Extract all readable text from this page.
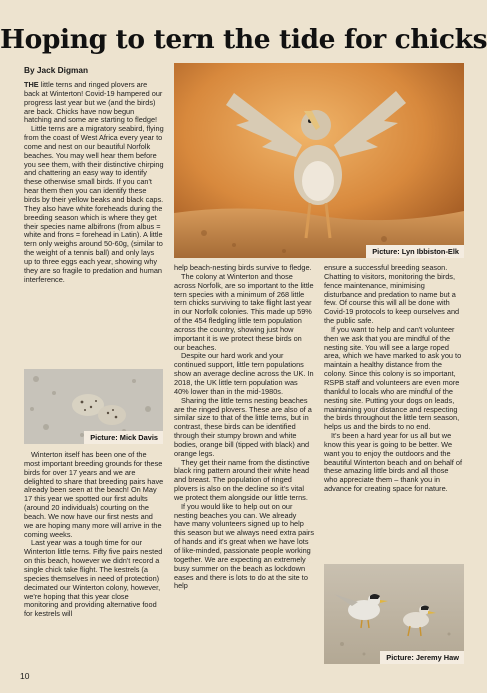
Hoping to tern the tide for chicks

By Jack Digman

Picture: Lyn Ibbiston-Elk

THE little terns and ringed plovers are back at Winterton! Covid-19 hampered our progress last year but we (and the birds) are back. Chicks have now begun hatching and some are starting to fledge!

Little terns are a migratory seabird, flying from the coast of West Africa every year to come and nest on our beautiful Norfolk beaches. You may well hear them before you see them, with their distinctive chirping and chattering an easy way to identify these otherwise small birds. If you can't hear them then you can identify these birds by their yellow beaks and black caps. They also have white foreheads during the breeding season which is where they get their species name albifrons (from albus = white and frons = forehead in Latin). A little tern only weighs around 50-60g, (similar to the weight of a tennis ball) and only lays up to three eggs each year, showing why they are so fragile to predation and human interference.

Picture: Mick Davis

Winterton itself has been one of the most important breeding grounds for these birds for over 17 years and we are delighted to share that breeding pairs have already been seen at the beach! On May 17 this year we spotted our first adults (around 20 individuals) courting on the beach. We now have our first nests and we are hoping many more will arrive in the coming weeks.

Last year was a tough time for our Winterton little terns. Fifty five pairs nested on this beach, however we didn't record a single chick take flight. The kestrels (a species themselves in need of protection) decimated our Winterton colony, however, we're hoping that this year close monitoring and providing alternative food for kestrels will

help beach-nesting birds survive to fledge.

The colony at Winterton and those across Norfolk, are so important to the little tern species with a minimum of 268 little tern chicks surviving to take flight last year in our Norfolk colonies. This made up 59% of the 454 fledgling little tern population across the country, showing just how important it is we protect these birds on our beaches.

Despite our hard work and your continued support, little tern populations show an average decline across the UK. In 2018, the UK little tern population was 40% lower than in the mid-1980s.

Sharing the little terns nesting beaches are the ringed plovers. These are also of a similar size to that of the little terns, but in contrast, these birds can be identified through their stumpy brown and white bodies, orange bill (tipped with black) and orange legs.

They get their name from the distinctive black ring pattern around their white head and breast. The population of ringed plovers is also on the decline so it's vital we protect them alongside our little terns.

If you would like to help out on our nesting beaches you can. We already have many volunteers signed up to help this season but we always need extra pairs of hands and it's great when we have lots of like-minded, passionate people working together. We are expecting an extremely busy summer on the beach as lockdown eases and there is lots to do at the site to help

ensure a successful breeding season. Chatting to visitors, monitoring the birds, fence maintenance, minimising disturbance and predation to name but a few. Of course this will all be done with Covid-19 protocols to keep ourselves and the public safe.

If you want to help and can't volunteer then we ask that you are mindful of the nesting site. You will see a large roped area, which we have marked to ask you to maintain a healthy distance from the colony. Since this colony is so important, RSPB staff and volunteers are even more thankful to locals who are mindful of the nesting site. Putting your dogs on leads, maintaining your distance and respecting the birds throughout the little tern season, helps us and the birds to no end.

It's been a hard year for us all but we know this year is going to be better. We want you to enjoy the outdoors and the beautiful Winterton beach and on behalf of these amazing little birds and all those who appreciate them – thank you in advance for creating space for nature.

Picture: Jeremy Haw

10
